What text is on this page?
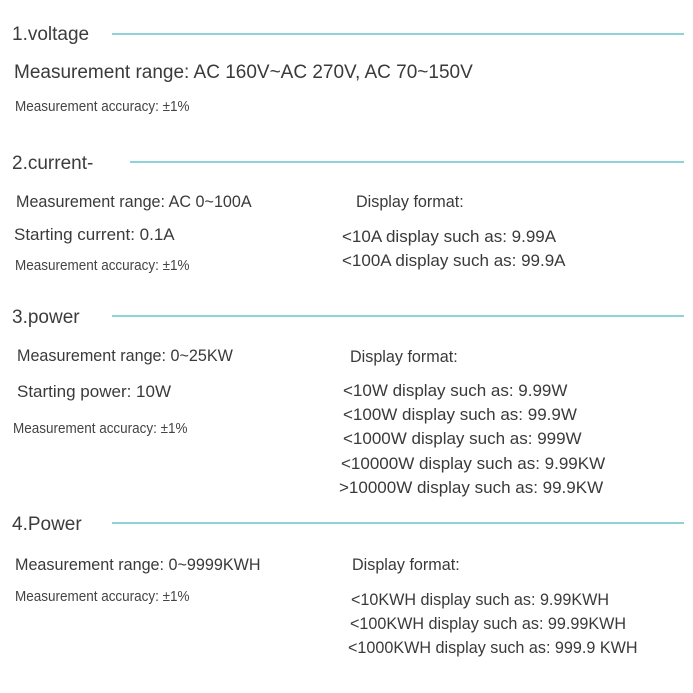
1.voltage
Measurement range: AC 160V~AC 270V, AC 70~150V
Measurement accuracy: ±1%
2.current-
Measurement range: AC 0~100A
Starting current: 0.1A
Measurement accuracy: ±1%
Display format:
<10A display such as: 9.99A
<100A display such as: 99.9A
3.power
Measurement range: 0~25KW
Starting power: 10W
Measurement accuracy: ±1%
Display format:
<10W display such as: 9.99W
<100W display such as: 99.9W
<1000W display such as: 999W
<10000W display such as: 9.99KW
>10000W display such as: 99.9KW
4.Power
Measurement range: 0~9999KWH
Measurement accuracy: ±1%
Display format:
<10KWH display such as: 9.99KWH
<100KWH display such as: 99.99KWH
<1000KWH display such as: 999.9 KWH
